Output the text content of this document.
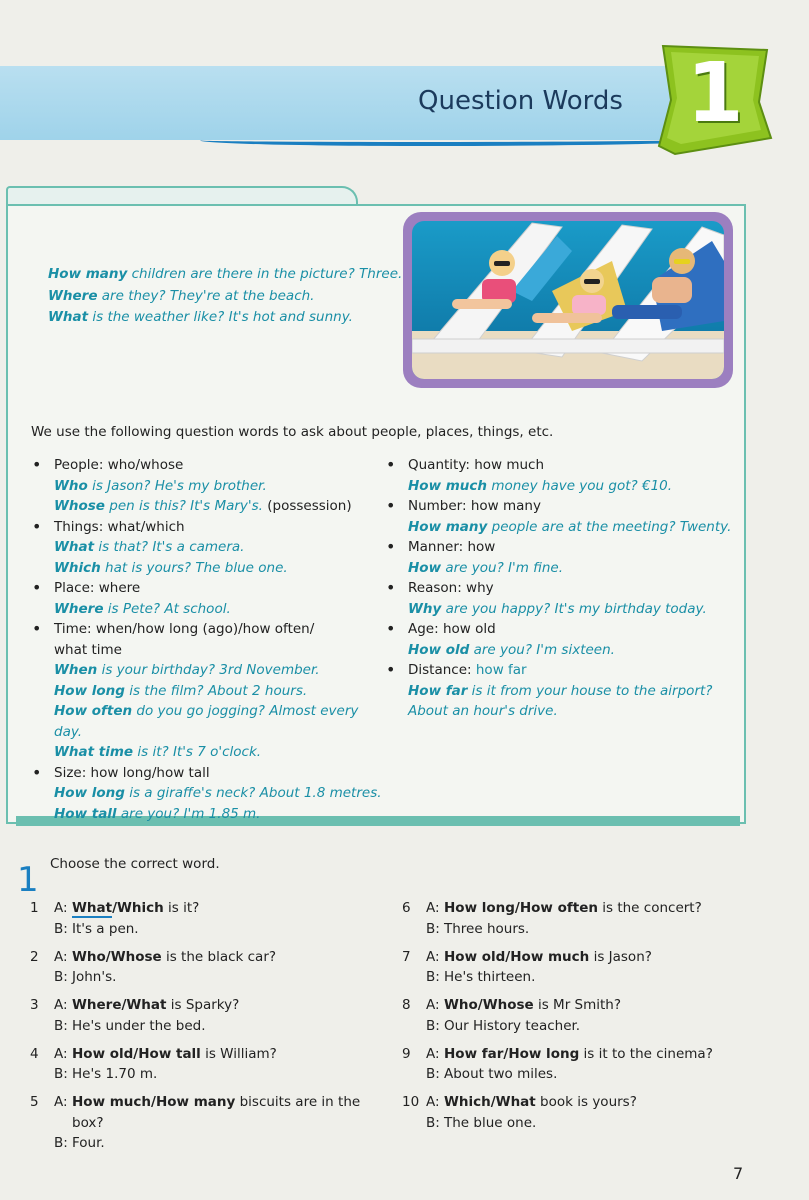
Question Words 1
How many children are there in the picture? Three.
Where are they? They're at the beach.
What is the weather like? It's hot and sunny.
We use the following question words to ask about people, places, things, etc.
• People: who/whose
Who is Jason? He's my brother.
Whose pen is this? It's Mary's. (possession)
• Things: what/which
What is that? It's a camera.
Which hat is yours? The blue one.
• Place: where
Where is Pete? At school.
• Time: when/how long (ago)/how often/
what time
When is your birthday? 3rd November.
How long is the film? About 2 hours.
How often do you go jogging? Almost every day.
What time is it? It's 7 o'clock.
• Size: how long/how tall
How long is a giraffe's neck? About 1.8 metres.
How tall are you? I'm 1.85 m.
• Quantity: how much
How much money have you got? €10.
• Number: how many
How many people are at the meeting? Twenty.
• Manner: how
How are you? I'm fine.
• Reason: why
Why are you happy? It's my birthday today.
• Age: how old
How old are you? I'm sixteen.
• Distance: how far
How far is it from your house to the airport?
About an hour's drive.
1 Choose the correct word.
1	A: What/Which is it?
B: It's a pen.
2	A: Who/Whose is the black car?
B: John's.
3	A: Where/What is Sparky?
B: He's under the bed.
4	A: How old/How tall is William?
B: He's 1.70 m.
5	A: How much/How many biscuits are in the
box?
B: Four.
6	A: How long/How often is the concert?
B: Three hours.
7	A: How old/How much is Jason?
B: He's thirteen.
8	A: Who/Whose is Mr Smith?
B: Our History teacher.
9	A: How far/How long is it to the cinema?
B: About two miles.
10 A: Which/What book is yours?
B: The blue one.
7
